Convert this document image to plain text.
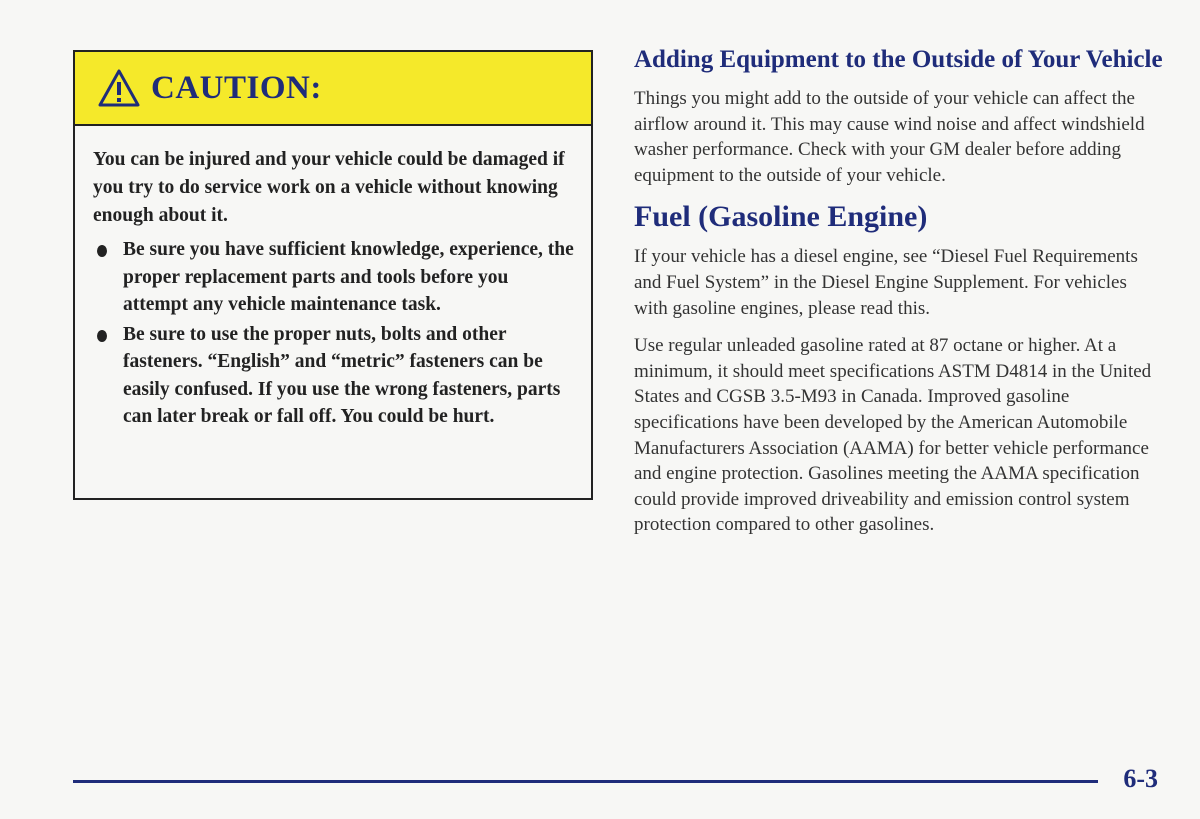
CAUTION:

You can be injured and your vehicle could be damaged if you try to do service work on a vehicle without knowing enough about it.

Be sure you have sufficient knowledge, experience, the proper replacement parts and tools before you attempt any vehicle maintenance task.
Be sure to use the proper nuts, bolts and other fasteners. “English” and “metric” fasteners can be easily confused. If you use the wrong fasteners, parts can later break or fall off. You could be hurt.
Adding Equipment to the Outside of Your Vehicle

Things you might add to the outside of your vehicle can affect the airflow around it. This may cause wind noise and affect windshield washer performance. Check with your GM dealer before adding equipment to the outside of your vehicle.

Fuel (Gasoline Engine)

If your vehicle has a diesel engine, see “Diesel Fuel Requirements and Fuel System” in the Diesel Engine Supplement. For vehicles with gasoline engines, please read this.

Use regular unleaded gasoline rated at 87 octane or higher. At a minimum, it should meet specifications ASTM D4814 in the United States and CGSB 3.5-M93 in Canada. Improved gasoline specifications have been developed by the American Automobile Manufacturers Association (AAMA) for better vehicle performance and engine protection. Gasolines meeting the AAMA specification could provide improved driveability and emission control system protection compared to other gasolines.

6-3
